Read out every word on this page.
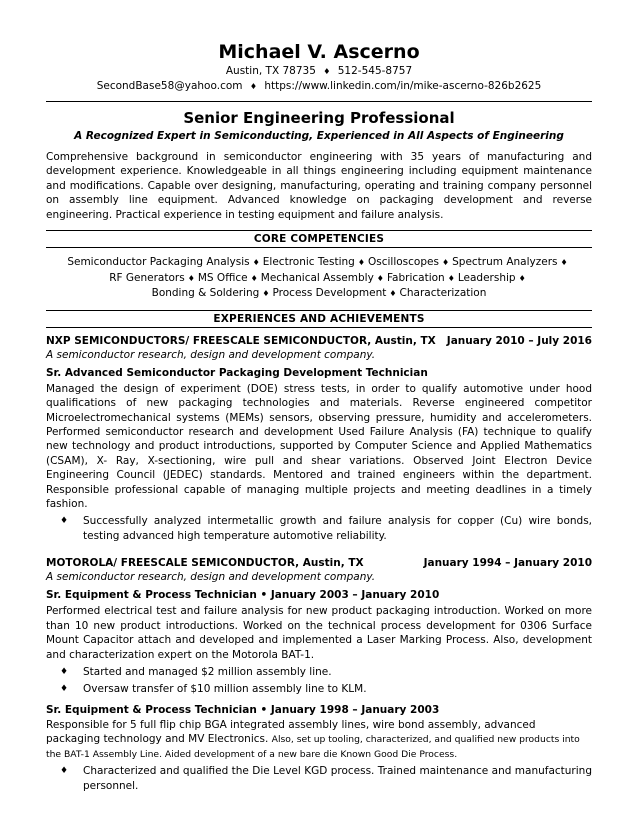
Michael V. Ascerno
Austin, TX 78735 ♦ 512-545-8757
SecondBase58@yahoo.com ♦ https://www.linkedin.com/in/mike-ascerno-826b2625
Senior Engineering Professional
A Recognized Expert in Semiconducting, Experienced in All Aspects of Engineering
Comprehensive background in semiconductor engineering with 35 years of manufacturing and development experience. Knowledgeable in all things engineering including equipment maintenance and modifications. Capable over designing, manufacturing, operating and training company personnel on assembly line equipment. Advanced knowledge on packaging development and reverse engineering. Practical experience in testing equipment and failure analysis.
CORE COMPETENCIES
Semiconductor Packaging Analysis ♦ Electronic Testing ♦ Oscilloscopes ♦ Spectrum Analyzers ♦
RF Generators ♦ MS Office ♦ Mechanical Assembly ♦ Fabrication ♦ Leadership ♦
Bonding & Soldering ♦ Process Development ♦ Characterization
EXPERIENCES AND ACHIEVEMENTS
NXP SEMICONDUCTORS/ FREESCALE SEMICONDUCTOR, Austin, TX January 2010 – July 2016
A semiconductor research, design and development company.
Sr. Advanced Semiconductor Packaging Development Technician
Managed the design of experiment (DOE) stress tests, in order to qualify automotive under hood qualifications of new packaging technologies and materials. Reverse engineered competitor Microelectromechanical systems (MEMs) sensors, observing pressure, humidity and accelerometers. Performed semiconductor research and development Used Failure Analysis (FA) technique to qualify new technology and product introductions, supported by Computer Science and Applied Mathematics (CSAM), X- Ray, X-sectioning, wire pull and shear variations. Observed Joint Electron Device Engineering Council (JEDEC) standards. Mentored and trained engineers within the department. Responsible professional capable of managing multiple projects and meeting deadlines in a timely fashion.
♦ Successfully analyzed intermetallic growth and failure analysis for copper (Cu) wire bonds, testing advanced high temperature automotive reliability.
MOTOROLA/ FREESCALE SEMICONDUCTOR, Austin, TX	January 1994 – January 2010
A semiconductor research, design and development company.
Sr. Equipment & Process Technician • January 2003 – January 2010
Performed electrical test and failure analysis for new product packaging introduction. Worked on more than 10 new product introductions. Worked on the technical process development for 0306 Surface Mount Capacitor attach and developed and implemented a Laser Marking Process. Also, development and characterization expert on the Motorola BAT-1.
♦ Started and managed $2 million assembly line.
♦ Oversaw transfer of $10 million assembly line to KLM.
Sr. Equipment & Process Technician • January 1998 – January 2003
Responsible for 5 full flip chip BGA integrated assembly lines, wire bond assembly, advanced packaging technology and MV Electronics. Also, set up tooling, characterized, and qualified new products into the BAT-1 Assembly Line. Aided development of a new bare die Known Good Die Process.
♦ Characterized and qualified the Die Level KGD process. Trained maintenance and manufacturing personnel.
